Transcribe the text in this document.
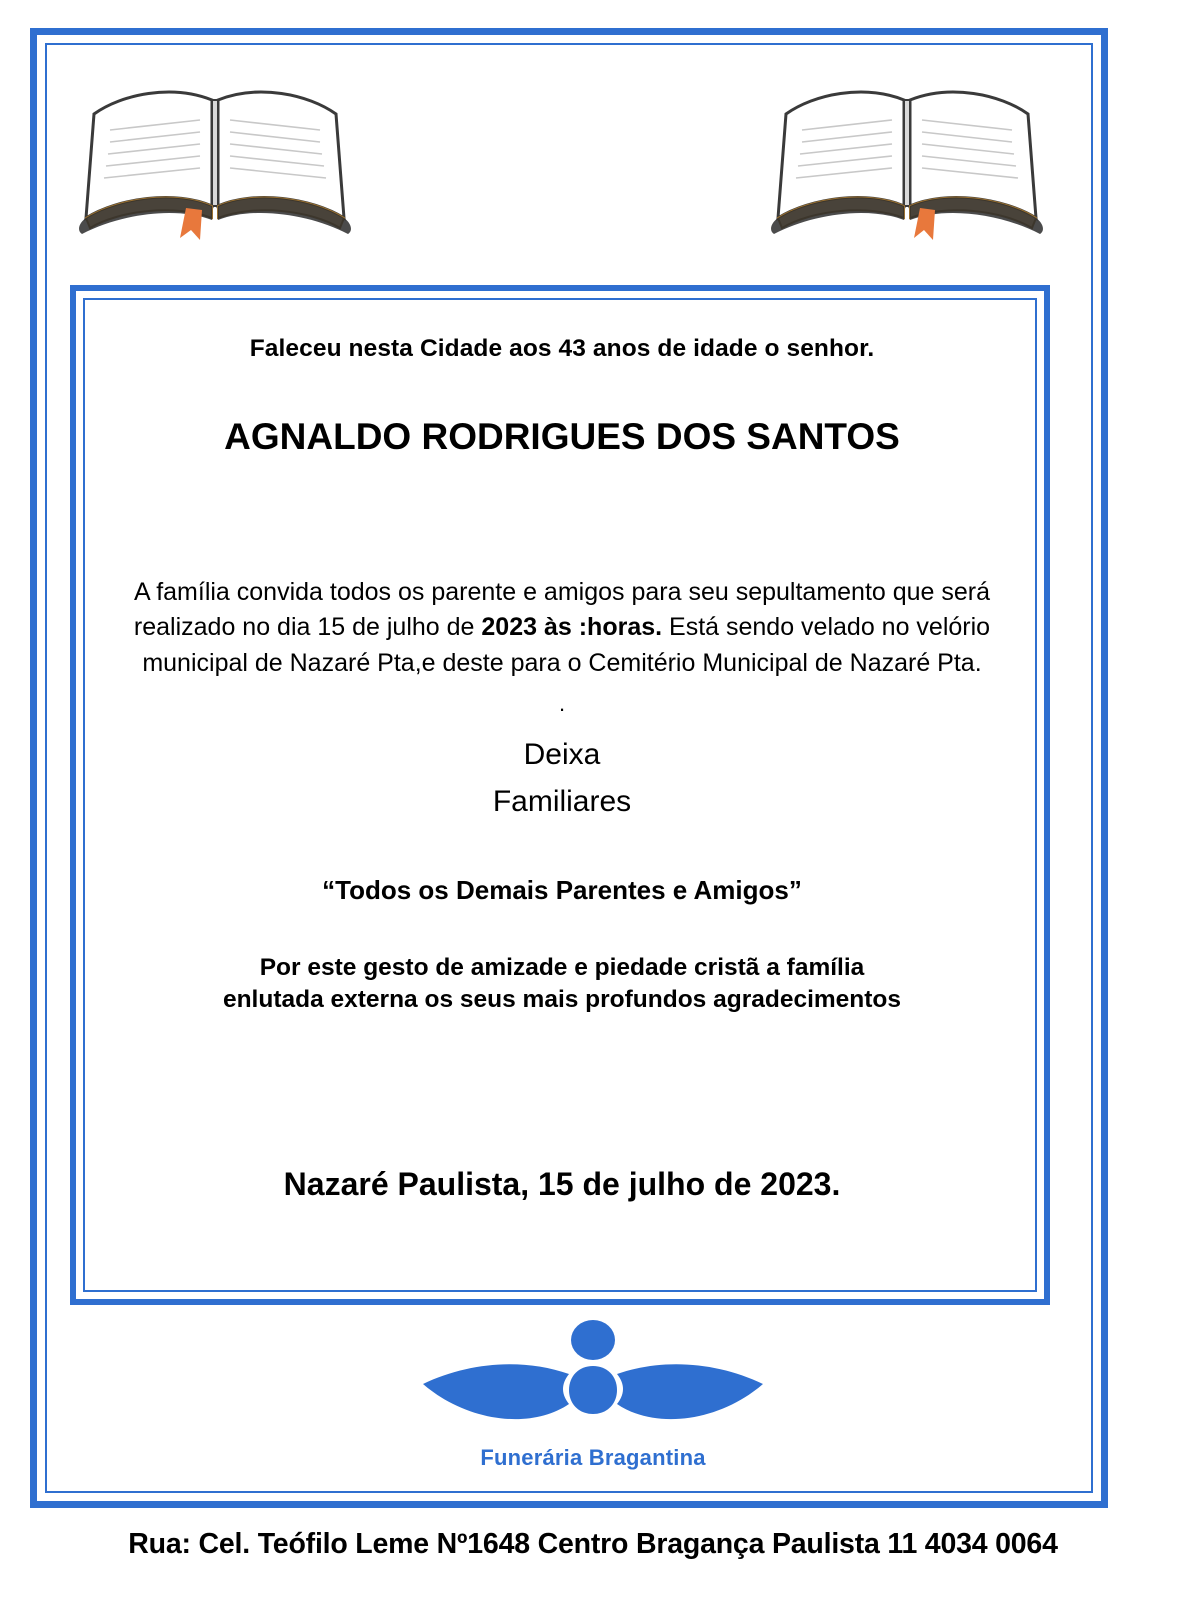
Faleceu nesta Cidade aos 43 anos de idade o senhor.
AGNALDO RODRIGUES DOS SANTOS
A família convida todos os parente e amigos para seu sepultamento que será realizado no dia 15 de julho de 2023 às :horas. Está sendo velado no velório municipal de Nazaré Pta,e deste para o Cemitério Municipal de Nazaré Pta.
.
Deixa
Familiares
“Todos os Demais Parentes e Amigos”
Por este gesto de amizade e piedade cristã a família
enlutada externa os seus mais profundos agradecimentos
Nazaré Paulista, 15 de julho de 2023.
Funerária Bragantina
Rua: Cel. Teófilo Leme Nº1648 Centro Bragança Paulista 11 4034 0064
